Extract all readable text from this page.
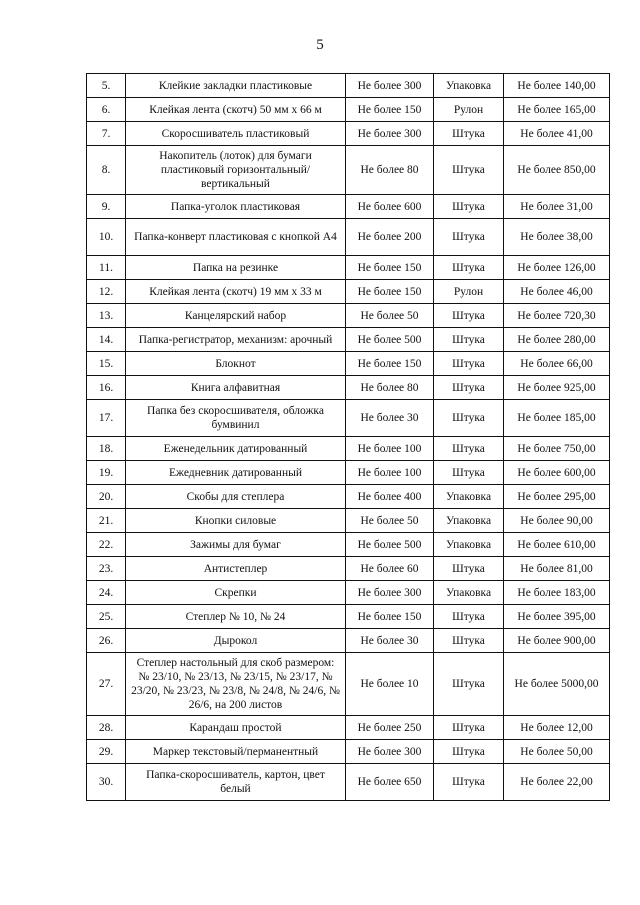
5
5.	Клейкие закладки пластиковые	Не более 300	Упаковка	Не более 140,00
6.	Клейкая лента (скотч) 50 мм х 66 м	Не более 150	Рулон	Не более 165,00
7.	Скоросшиватель пластиковый	Не более 300	Штука	Не более 41,00
8.	Накопитель (лоток) для бумаги пластиковый горизонтальный/вертикальный	Не более 80	Штука	Не более 850,00
9.	Папка-уголок пластиковая	Не более 600	Штука	Не более 31,00
10.	Папка-конверт пластиковая с кнопкой А4	Не более 200	Штука	Не более 38,00
11.	Папка на резинке	Не более 150	Штука	Не более 126,00
12.	Клейкая лента (скотч) 19 мм х 33 м	Не более 150	Рулон	Не более 46,00
13.	Канцелярский набор	Не более 50	Штука	Не более 720,30
14.	Папка-регистратор, механизм: арочный	Не более 500	Штука	Не более 280,00
15.	Блокнот	Не более 150	Штука	Не более 66,00
16.	Книга алфавитная	Не более 80	Штука	Не более 925,00
17.	Папка без скоросшивателя, обложка бумвинил	Не более 30	Штука	Не более 185,00
18.	Еженедельник датированный	Не более 100	Штука	Не более 750,00
19.	Ежедневник датированный	Не более 100	Штука	Не более 600,00
20.	Скобы для степлера	Не более 400	Упаковка	Не более 295,00
21.	Кнопки силовые	Не более 50	Упаковка	Не более 90,00
22.	Зажимы для бумаг	Не более 500	Упаковка	Не более 610,00
23.	Антистеплер	Не более 60	Штука	Не более 81,00
24.	Скрепки	Не более 300	Упаковка	Не более 183,00
25.	Степлер № 10, № 24	Не более 150	Штука	Не более 395,00
26.	Дырокол	Не более 30	Штука	Не более 900,00
27.	Степлер настольный для скоб размером: № 23/10, № 23/13, № 23/15, № 23/17, № 23/20, № 23/23, № 23/8, № 24/8, № 24/6, № 26/6, на 200 листов	Не более 10	Штука	Не более 5000,00
28.	Карандаш простой	Не более 250	Штука	Не более 12,00
29.	Маркер текстовый/перманентный	Не более 300	Штука	Не более 50,00
30.	Папка-скоросшиватель, картон, цвет белый	Не более 650	Штука	Не более 22,00
